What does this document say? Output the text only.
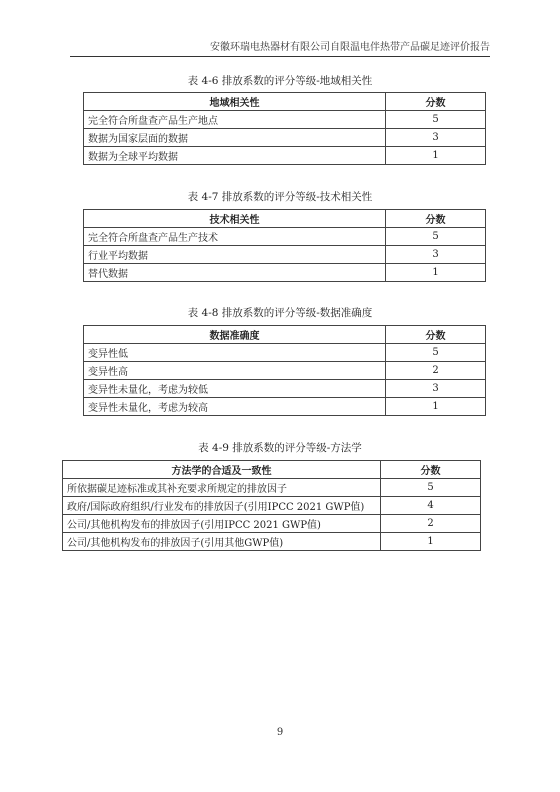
安徽环瑞电热器材有限公司自限温电伴热带产品碳足迹评价报告
表 4-6 排放系数的评分等级-地域相关性
地域相关性	分数
完全符合所盘查产品生产地点	5
数据为国家层面的数据	3
数据为全球平均数据	1
表 4-7 排放系数的评分等级-技术相关性
技术相关性	分数
完全符合所盘查产品生产技术	5
行业平均数据	3
替代数据	1
表 4-8 排放系数的评分等级-数据准确度
数据准确度	分数
变异性低	5
变异性高	2
变异性未量化，考虑为较低	3
变异性未量化，考虑为较高	1
表 4-9 排放系数的评分等级-方法学
方法学的合适及一致性	分数
所依据碳足迹标准或其补充要求所规定的排放因子	5
政府/国际政府组织/行业发布的排放因子(引用IPCC 2021 GWP值)	4
公司/其他机构发布的排放因子(引用IPCC 2021 GWP值)	2
公司/其他机构发布的排放因子(引用其他GWP值)	1
9
